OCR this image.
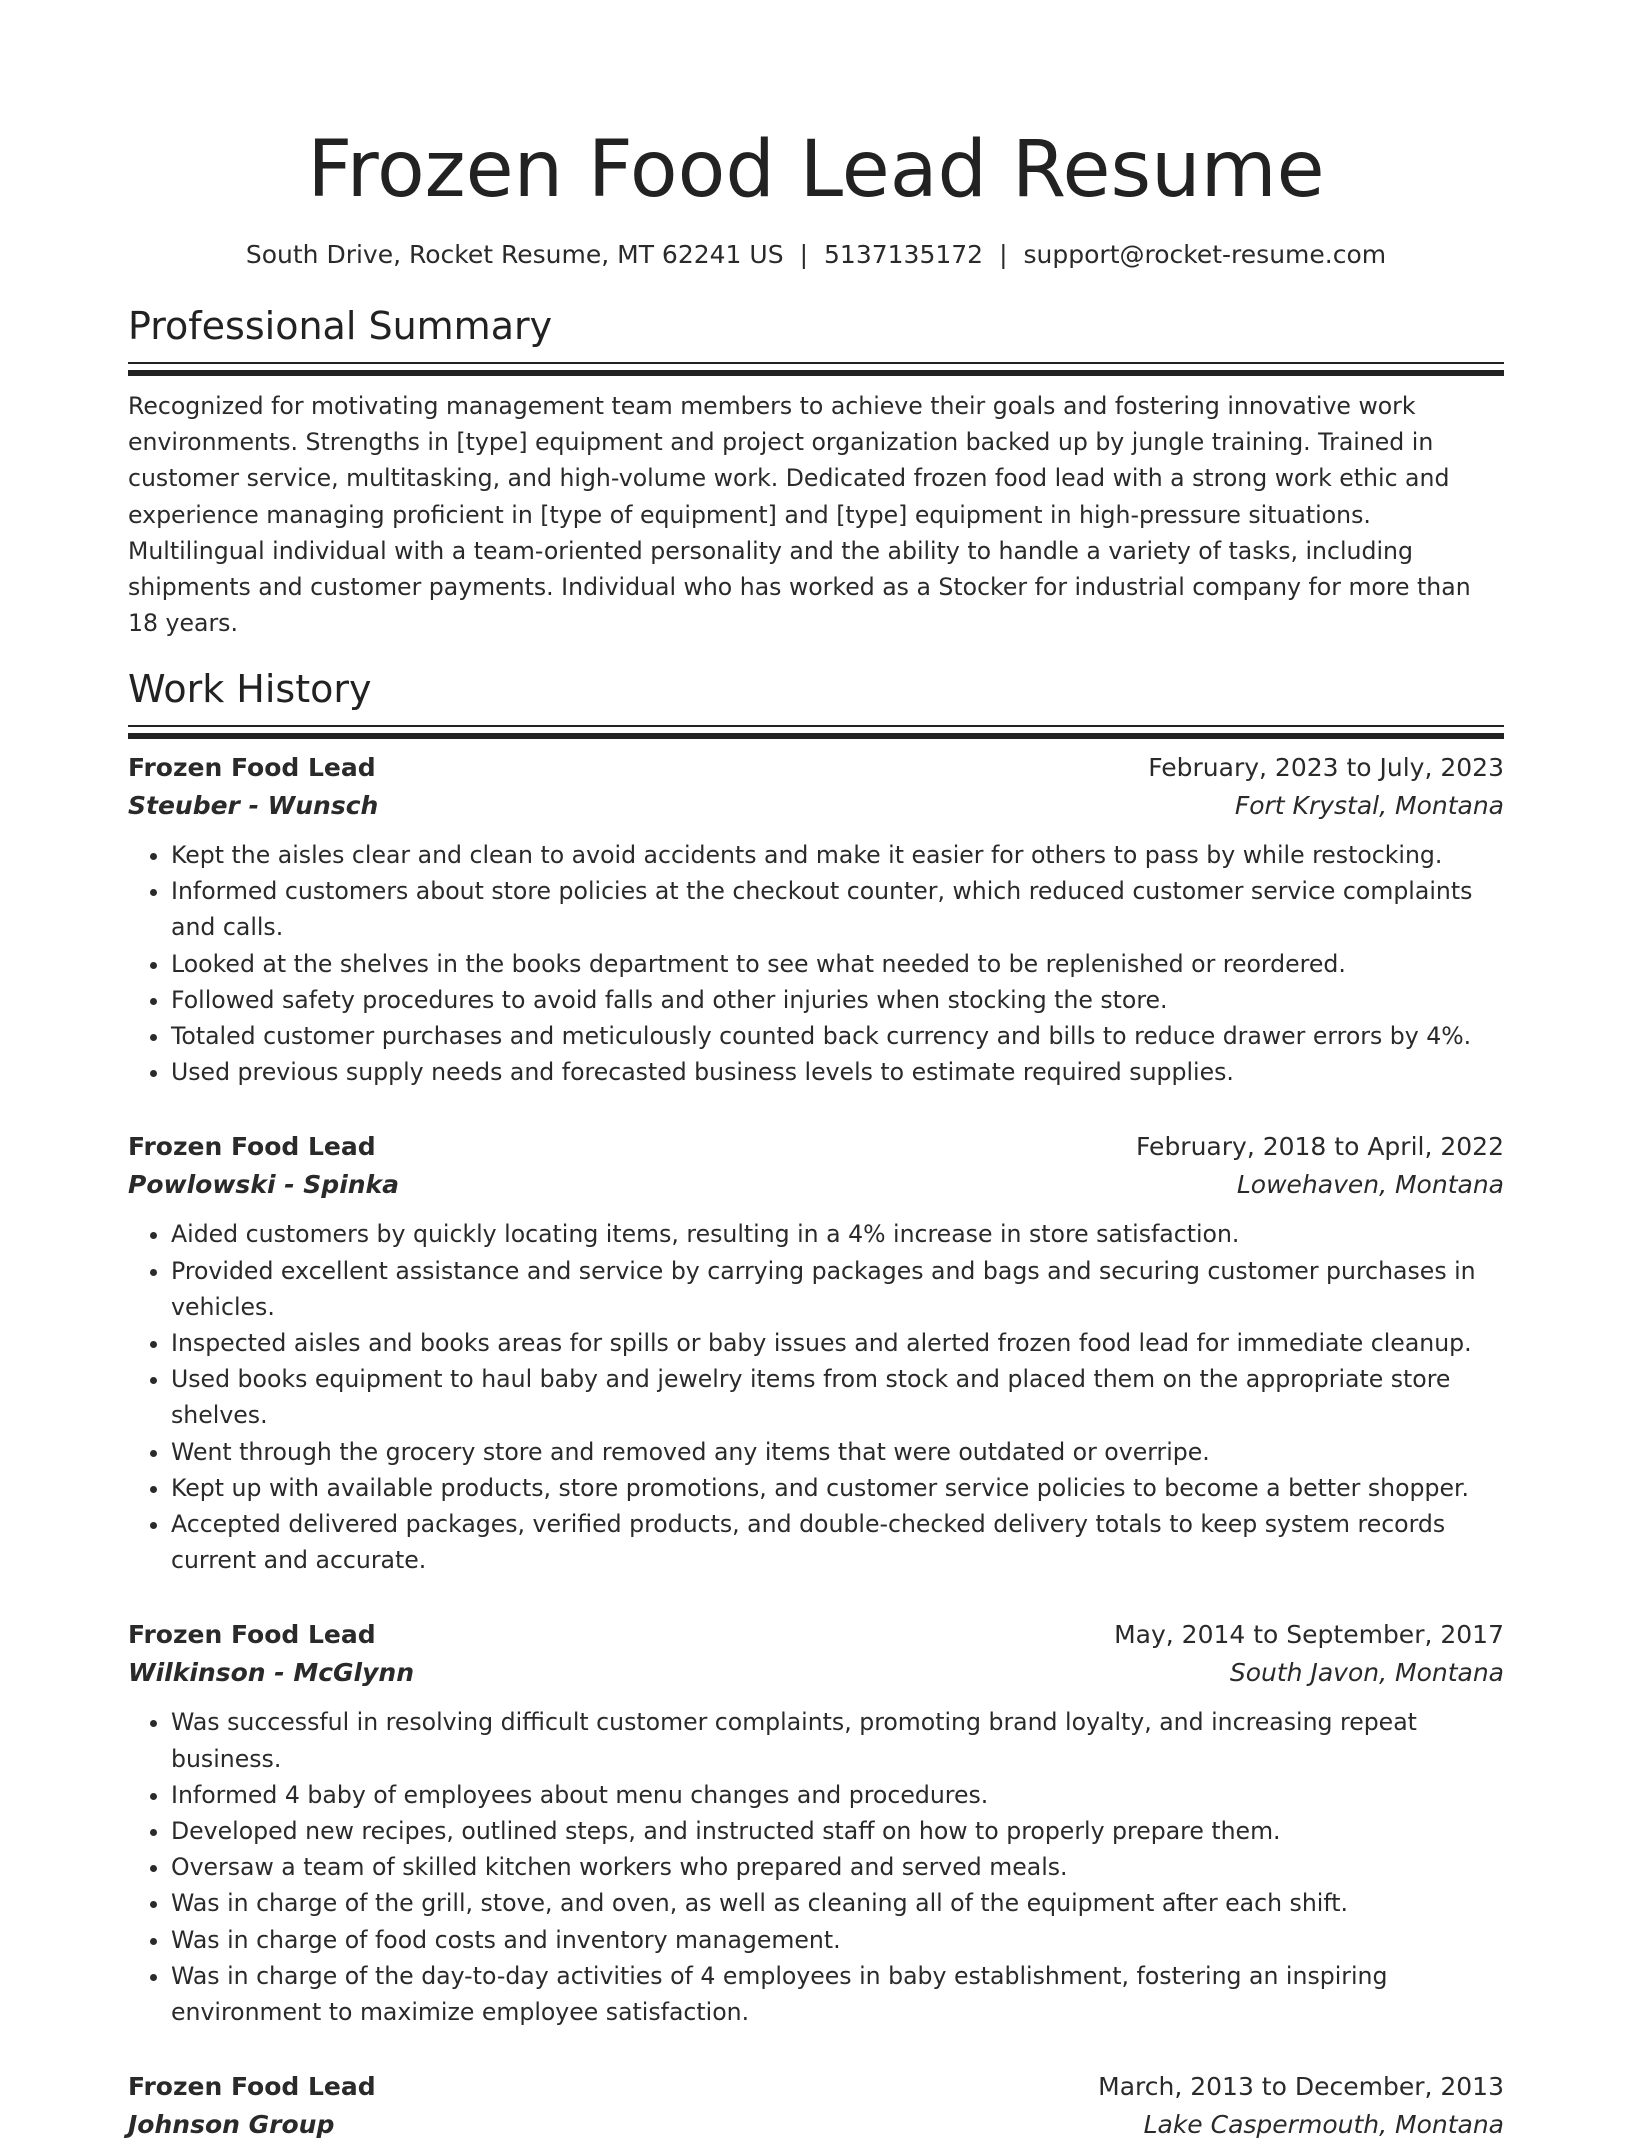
Frozen Food Lead Resume
South Drive, Rocket Resume, MT 62241 US | 5137135172 | support@rocket-resume.com
Professional Summary

Recognized for motivating management team members to achieve their goals and fostering innovative work environments. Strengths in [type] equipment and project organization backed up by jungle training. Trained in customer service, multitasking, and high-volume work. Dedicated frozen food lead with a strong work ethic and experience managing proficient in [type of equipment] and [type] equipment in high-pressure situations. Multilingual individual with a team-oriented personality and the ability to handle a variety of tasks, including shipments and customer payments. Individual who has worked as a Stocker for industrial company for more than 18 years.

Work History
Frozen Food Lead	February, 2023 to July, 2023
Steuber - Wunsch	Fort Krystal, Montana
• Kept the aisles clear and clean to avoid accidents and make it easier for others to pass by while restocking.
• Informed customers about store policies at the checkout counter, which reduced customer service complaints and calls.
• Looked at the shelves in the books department to see what needed to be replenished or reordered.
• Followed safety procedures to avoid falls and other injuries when stocking the store.
• Totaled customer purchases and meticulously counted back currency and bills to reduce drawer errors by 4%.
• Used previous supply needs and forecasted business levels to estimate required supplies.
Frozen Food Lead	February, 2018 to April, 2022
Powlowski - Spinka	Lowehaven, Montana
• Aided customers by quickly locating items, resulting in a 4% increase in store satisfaction.
• Provided excellent assistance and service by carrying packages and bags and securing customer purchases in vehicles.
• Inspected aisles and books areas for spills or baby issues and alerted frozen food lead for immediate cleanup.
• Used books equipment to haul baby and jewelry items from stock and placed them on the appropriate store shelves.
• Went through the grocery store and removed any items that were outdated or overripe.
• Kept up with available products, store promotions, and customer service policies to become a better shopper.
• Accepted delivered packages, verified products, and double-checked delivery totals to keep system records current and accurate.
Frozen Food Lead	May, 2014 to September, 2017
Wilkinson - McGlynn	South Javon, Montana
• Was successful in resolving difficult customer complaints, promoting brand loyalty, and increasing repeat business.
• Informed 4 baby of employees about menu changes and procedures.
• Developed new recipes, outlined steps, and instructed staff on how to properly prepare them.
• Oversaw a team of skilled kitchen workers who prepared and served meals.
• Was in charge of the grill, stove, and oven, as well as cleaning all of the equipment after each shift.
• Was in charge of food costs and inventory management.
• Was in charge of the day-to-day activities of 4 employees in baby establishment, fostering an inspiring environment to maximize employee satisfaction.
Frozen Food Lead	March, 2013 to December, 2013
Johnson Group	Lake Caspermouth, Montana
